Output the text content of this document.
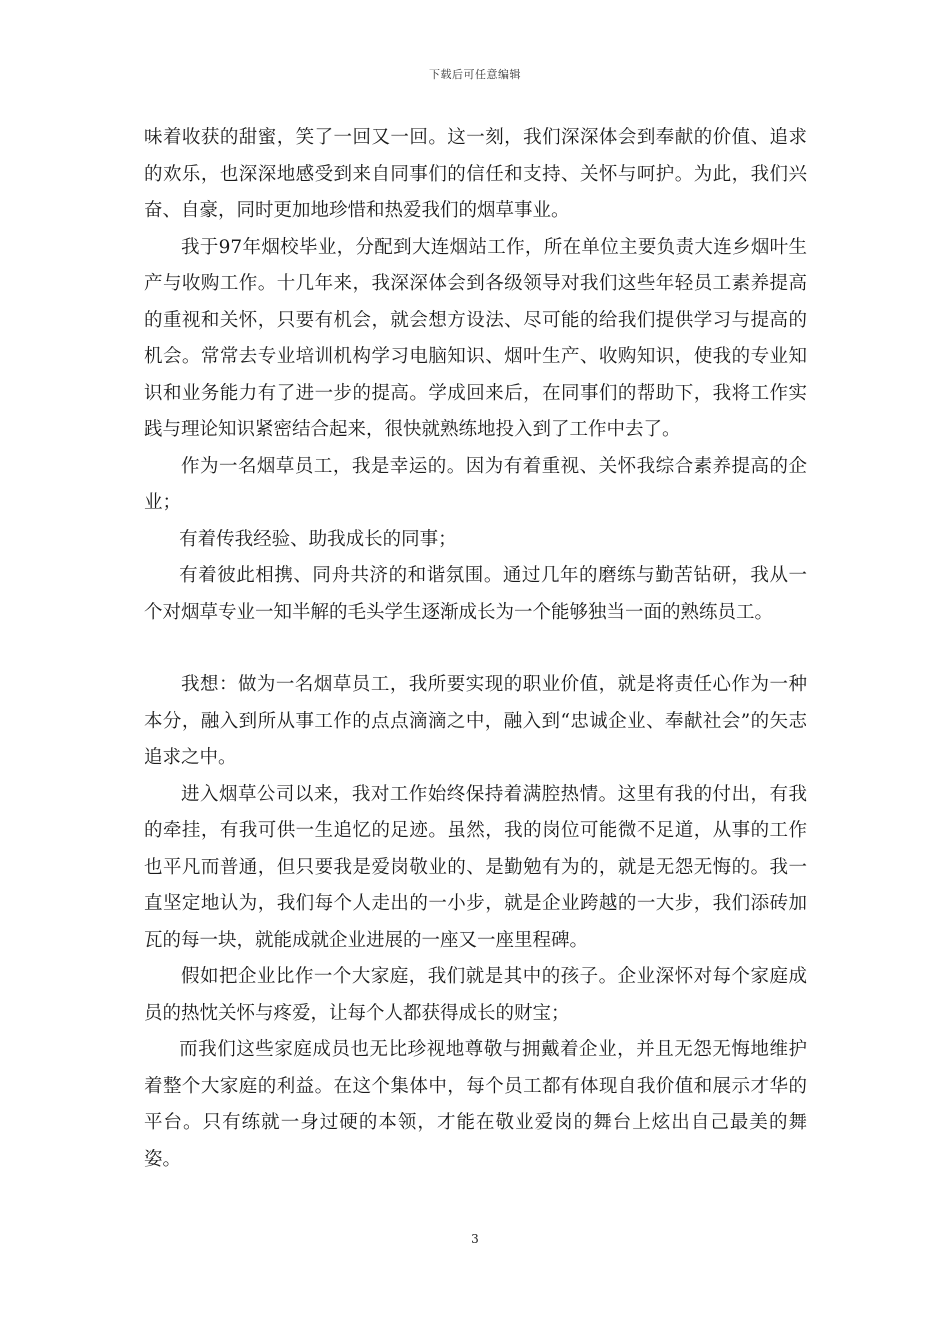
下载后可任意编辑

味着收获的甜蜜，笑了一回又一回。这一刻，我们深深体会到奉献的价值、追求的欢乐，也深深地感受到来自同事们的信任和支持、关怀与呵护。为此，我们兴奋、自豪，同时更加地珍惜和热爱我们的烟草事业。

我于97年烟校毕业，分配到大连烟站工作，所在单位主要负责大连乡烟叶生产与收购工作。十几年来，我深深体会到各级领导对我们这些年轻员工素养提高的重视和关怀，只要有机会，就会想方设法、尽可能的给我们提供学习与提高的机会。常常去专业培训机构学习电脑知识、烟叶生产、收购知识，使我的专业知识和业务能力有了进一步的提高。学成回来后，在同事们的帮助下，我将工作实践与理论知识紧密结合起来，很快就熟练地投入到了工作中去了。

作为一名烟草员工，我是幸运的。因为有着重视、关怀我综合素养提高的企业；

有着传我经验、助我成长的同事；

有着彼此相携、同舟共济的和谐氛围。通过几年的磨练与勤苦钻研，我从一个对烟草专业一知半解的毛头学生逐渐成长为一个能够独当一面的熟练员工。

我想：做为一名烟草员工，我所要实现的职业价值，就是将责任心作为一种本分，融入到所从事工作的点点滴滴之中，融入到“忠诚企业、奉献社会”的矢志追求之中。

进入烟草公司以来，我对工作始终保持着满腔热情。这里有我的付出，有我的牵挂，有我可供一生追忆的足迹。虽然，我的岗位可能微不足道，从事的工作也平凡而普通，但只要我是爱岗敬业的、是勤勉有为的，就是无怨无悔的。我一直坚定地认为，我们每个人走出的一小步，就是企业跨越的一大步，我们添砖加瓦的每一块，就能成就企业进展的一座又一座里程碑。

假如把企业比作一个大家庭，我们就是其中的孩子。企业深怀对每个家庭成员的热忱关怀与疼爱，让每个人都获得成长的财宝；

而我们这些家庭成员也无比珍视地尊敬与拥戴着企业，并且无怨无悔地维护着整个大家庭的利益。在这个集体中，每个员工都有体现自我价值和展示才华的平台。只有练就一身过硬的本领，才能在敬业爱岗的舞台上炫出自己最美的舞姿。

3
